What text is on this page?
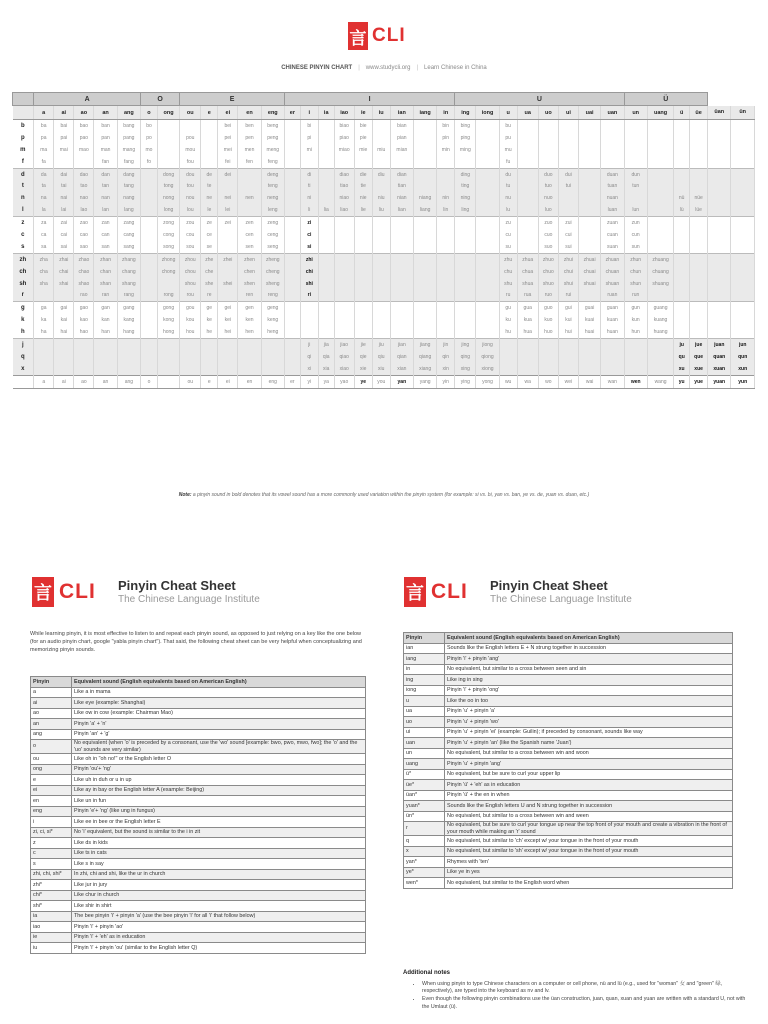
言 CLI
CHINESE PINYIN CHART | www.studycli.org | Learn Chinese in China
	A					O		E					I									U								Ü					
	a	ai	ao	an	ang	o	ong	ou	e	ei	en	eng	er	i	ia	iao	ie	iu	ian	iang	in	ing	iong	u	ua	uo	ui	uai	uan	un	uang	ü	üe	üan	ün
b	ba	bai	bao	ban	bang	bo				bei	ben	beng		bi		biao	bie		bian		bin	bing		bu											
p	pa	pai	pao	pan	pang	po		pou		pei	pen	peng		pi		piao	pie		pian		pin	ping		pu											
m	ma	mai	mao	man	mang	mo		mou		mei	men	meng		mi		miao	mie	miu	mian		min	ming		mu											
f	fa			fan	fang	fo		fou		fei	fen	feng												fu											
d	da	dai	dao	dan	dang		dong	dou	de	dei		deng		di		diao	die	diu	dian			ding		du		duo	dui		duan	dun					
t	ta	tai	tao	tan	tang		tong	tou	te			teng		ti		tiao	tie		tian			ting		tu		tuo	tui		tuan	tun					
n	na	nai	nao	nan	nang		nong	nou	ne	nei	nen	neng		ni		niao	nie	niu	nian	niang	nin	ning		nu		nuo			nuan			nü	nüe		
l	la	lai	lao	lan	lang		long	lou	le	lei		leng		li	lia	liao	lie	liu	lian	liang	lin	ling		lu		luo			luan	lun		lü	lüe		
z	za	zai	zao	zan	zang		zong	zou	ze	zei	zen	zeng		zi										zu		zuo	zui		zuan	zun					
c	ca	cai	cao	can	cang		cong	cou	ce		cen	ceng		ci										cu		cuo	cui		cuan	cun					
s	sa	sai	sao	san	sang		song	sou	se		sen	seng		si										su		suo	sui		suan	sun					
zh	zha	zhai	zhao	zhan	zhang		zhong	zhou	zhe	zhei	zhen	zheng		zhi										zhu	zhua	zhuo	zhui	zhuai	zhuan	zhun	zhuang				
ch	cha	chai	chao	chan	chang		chong	chou	che		chen	cheng		chi										chu	chua	chuo	chui	chuai	chuan	chun	chuang				
sh	sha	shai	shao	shan	shang			shou	she	shei	shen	sheng		shi										shu	shua	shuo	shui	shuai	shuan	shun	shuang				
r			rao	ran	rang		rong	rou	re		ren	reng		ri										ru	rua	ruo	rui		ruan	run					
g	ga	gai	gao	gan	gang		gong	gou	ge	gei	gen	geng												gu	gua	guo	gui	guai	guan	gun	guang				
k	ka	kai	kao	kan	kang		kong	kou	ke	kei	ken	keng												ku	kua	kuo	kui	kuai	kuan	kun	kuang				
h	ha	hai	hao	han	hang		hong	hou	he	hei	hen	heng												hu	hua	huo	hui	huai	huan	hun	huang				
j														ji	jia	jiao	jie	jiu	jian	jiang	jin	jing	jiong									ju	jue	juan	jun
q														qi	qia	qiao	qie	qiu	qian	qiang	qin	qing	qiong									qu	que	quan	qun
x														xi	xia	xiao	xie	xiu	xian	xiang	xin	xing	xiong									xu	xue	xuan	xun
	a	ai	ao	an	ang	o		ou	e	ei	en	eng	er	yi	ya	yao	ye	you	yan	yang	yin	ying	yong	wu	wa	wo	wei	wai	wan	wen	wang	yu	yue	yuan	yun
Note: a pinyin sound in bold denotes that its vowel sound has a more commonly used variation within the pinyin system (for example: si vs. bi, yan vs. ban, ye vs. de, yuan vs. duan, etc.)
言 CLI Pinyin Cheat Sheet
The Chinese Language Institute	言 CLI Pinyin Cheat Sheet
The Chinese Language Institute
While learning pinyin, it is most effective to listen to and repeat each pinyin sound, as opposed to just relying on a key like the one below (for an audio pinyin chart, google "yabla pinyin chart"). That said, the following cheat sheet can be very helpful when conceptualizing and memorizing pinyin sounds.
Pinyin	Equivalent sound (English equivalents based on American English)
a	Like a in mama
ai	Like eye (example: Shanghai)
ao	Like ow in cow (example: Chairman Mao)
an	Pinyin 'a' + 'n'
ang	Pinyin 'an' + 'g'
o	No equivalent (when 'o' is preceded by a consonant, use the 'wo' sound [example: bwo, pwo, mwo, fwo]; the 'o' and the 'uo' sounds are very similar)
ou	Like oh in "oh no!" or the English letter O
ong	Pinyin 'ou'+ 'ng'
e	Like uh in duh or u in up
ei	Like ay in bay or the English letter A (example: Beijing)
en	Like un in fun
eng	Pinyin 'e'+ 'ng' (like ung in fungus)
i	Like ee in bee or the English letter E
zi, ci, si*	No 'i' equivalent, but the sound is similar to the i in zit
z	Like ds in kids
c	Like ts in cats
s	Like s in say
zhi, chi, shi*	In zhi, chi and shi, like the ur in church
zhi*	Like jur in jury
chi*	Like chur in church
shi*	Like shir in shirt
ia	The bee pinyin 'i' + pinyin 'a' (use the bee pinyin 'i' for all 'i' that follow below)
iao	Pinyin 'i' + pinyin 'ao'
ie	Pinyin 'i' + 'eh' as in education
iu	Pinyin 'i' + pinyin 'ou' (similar to the English letter Q)
Pinyin	Equivalent sound (English equivalents based on American English)
ian	Sounds like the English letters E + N strung together in succession
iang	Pinyin 'i' + pinyin 'ang'
in	No equivalent, but similar to a cross between seen and sin
ing	Like ing in sing
iong	Pinyin 'i' + pinyin 'ong'
u	Like the oo in too
ua	Pinyin 'u' + pinyin 'a'
uo	Pinyin 'u' + pinyin 'wo'
ui	Pinyin 'u' + pinyin 'ei' (example: Guilin); if preceded by consonant, sounds like way
uan	Pinyin 'u' + pinyin 'an' (like the Spanish name 'Juan')
un	No equivalent, but similar to a cross between win and woon
uang	Pinyin 'u' + pinyin 'ang'
ü*	No equivalent, but be sure to curl your upper lip
üe*	Pinyin 'ü' + 'eh' as in education
üan*	Pinyin 'ü' + the en in when
yuan*	Sounds like the English letters U and N strung together in succession
ün*	No equivalent, but similar to a cross between win and ween
r	No equivalent, but be sure to curl your tongue up near the top front of your mouth and create a vibration in the front of your mouth while making an 'r' sound
q	No equivalent, but similar to 'ch' except w/ your tongue in the front of your mouth
x	No equivalent, but similar to 'sh' except w/ your tongue in the front of your mouth
yan*	Rhymes with 'ten'
ye*	Like ye in yes
wen*	No equivalent, but similar to the English word when
Additional notes
• When using pinyin to type Chinese characters on a computer or cell phone, nü and lü (e.g., used for "woman" 女 and "green" 绿, respectively), are typed into the keyboard as nv and lv.
• Even though the following pinyin combinations use the üan construction, juan, quan, xuan and yuan are written with a standard U, not with the Umlaut (ü).
